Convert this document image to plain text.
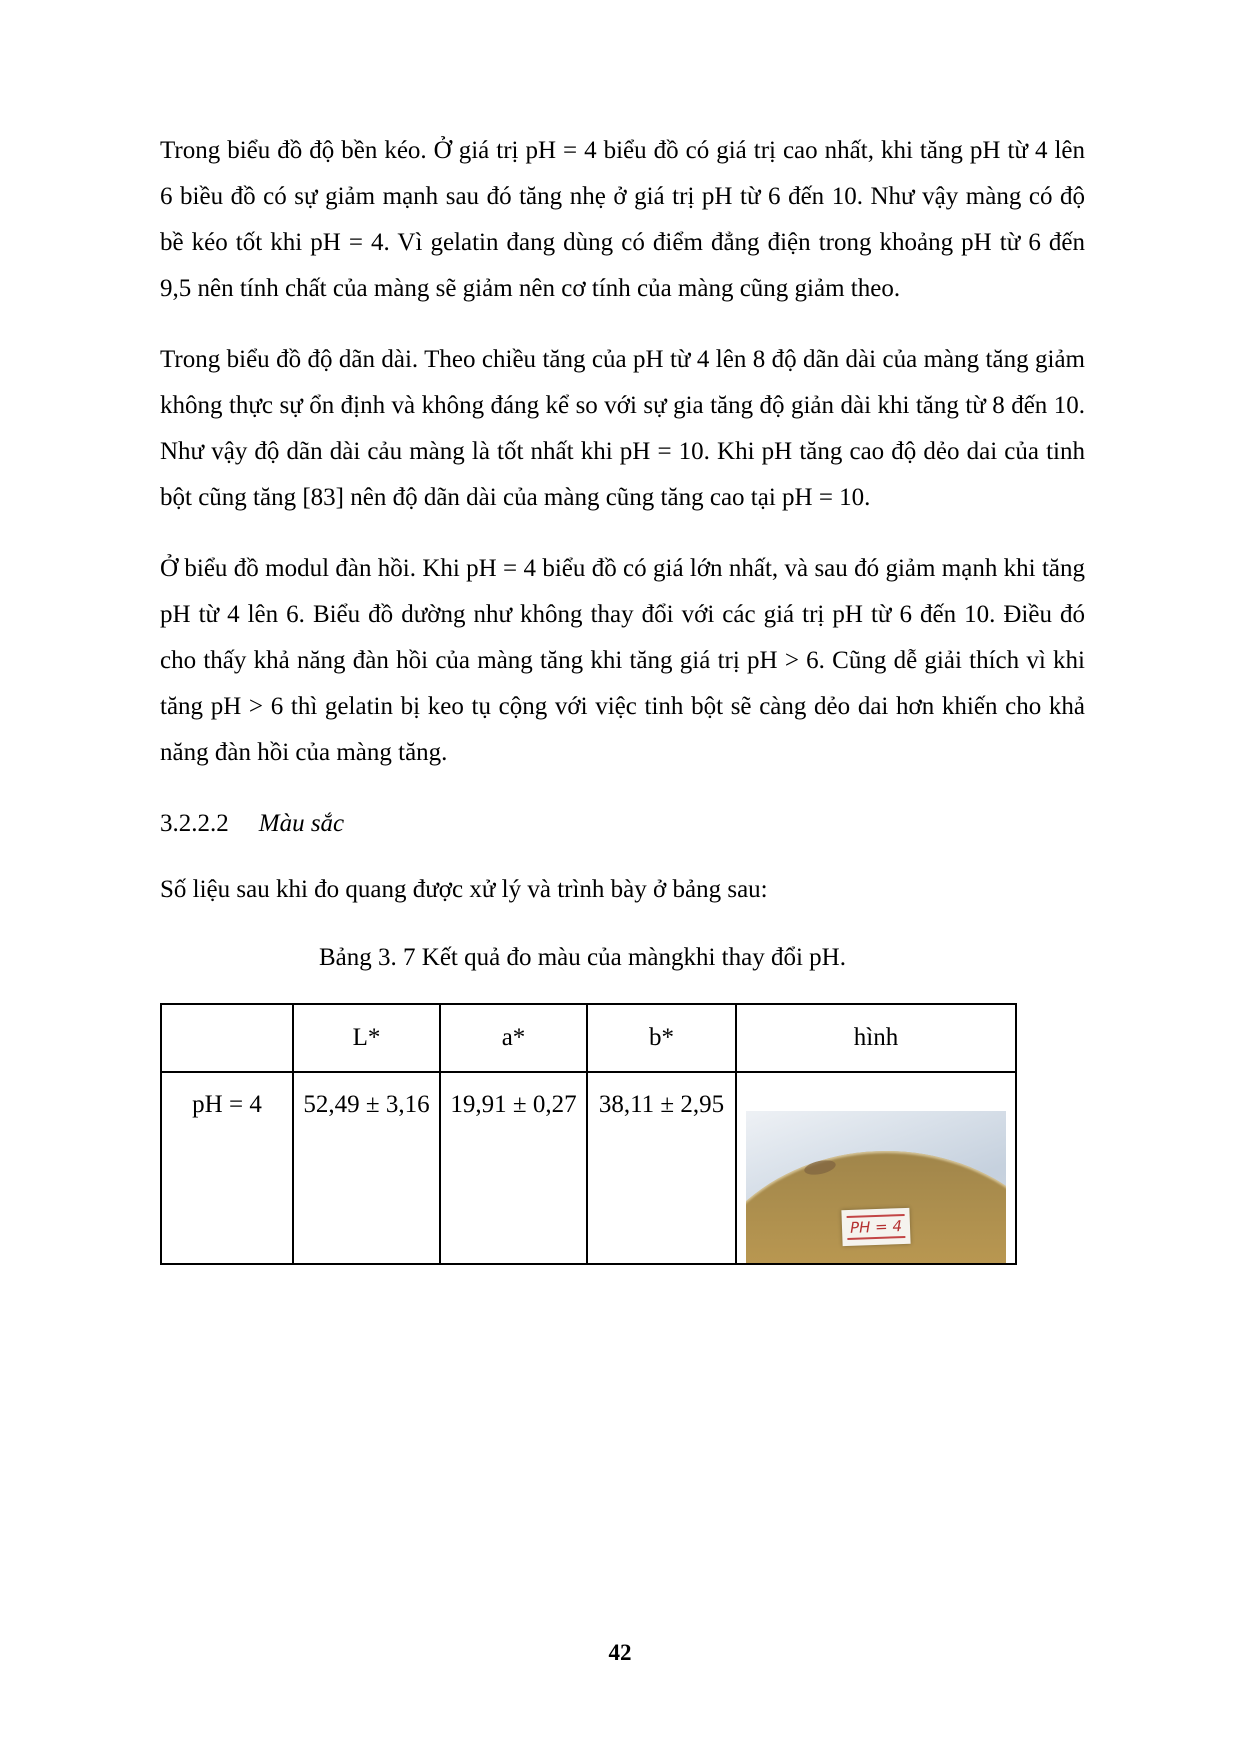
Trong biểu đồ độ bền kéo. Ở giá trị pH = 4 biểu đồ có giá trị cao nhất, khi tăng pH từ 4 lên 6 biều đồ có sự giảm mạnh sau đó tăng nhẹ ở giá trị pH từ 6 đến 10. Như vậy màng có độ bề kéo tốt khi pH = 4. Vì gelatin đang dùng có điểm đẳng điện trong khoảng pH từ 6 đến 9,5 nên tính chất của màng sẽ giảm nên cơ tính của màng cũng giảm theo.

Trong biểu đồ độ dãn dài. Theo chiều tăng của pH từ 4 lên 8 độ dãn dài của màng tăng giảm không thực sự ổn định và không đáng kể so với sự gia tăng độ giản dài khi tăng từ 8 đến 10. Như vậy độ dãn dài cảu màng là tốt nhất khi pH = 10. Khi pH tăng cao độ dẻo dai của tinh bột cũng tăng [83] nên độ dãn dài của màng cũng tăng cao tại pH = 10.

Ở biểu đồ modul đàn hồi. Khi pH = 4 biểu đồ có giá lớn nhất, và sau đó giảm mạnh khi tăng pH từ 4 lên 6. Biểu đồ dường như không thay đổi với các giá trị pH từ 6 đến 10. Điều đó cho thấy khả năng đàn hồi của màng tăng khi tăng giá trị pH > 6. Cũng dễ giải thích vì khi tăng pH > 6 thì gelatin bị keo tụ cộng với việc tinh bột sẽ càng dẻo dai hơn khiến cho khả năng đàn hồi của màng tăng.

3.2.2.2 Màu sắc

Số liệu sau khi đo quang được xử lý và trình bày ở bảng sau:

Bảng 3. 7 Kết quả đo màu của màngkhi thay đổi pH.
	L*	a*	b*	hình
pH = 4	52,49 ± 3,16	19,91 ± 0,27	38,11 ± 2,95	PH = 4
42
